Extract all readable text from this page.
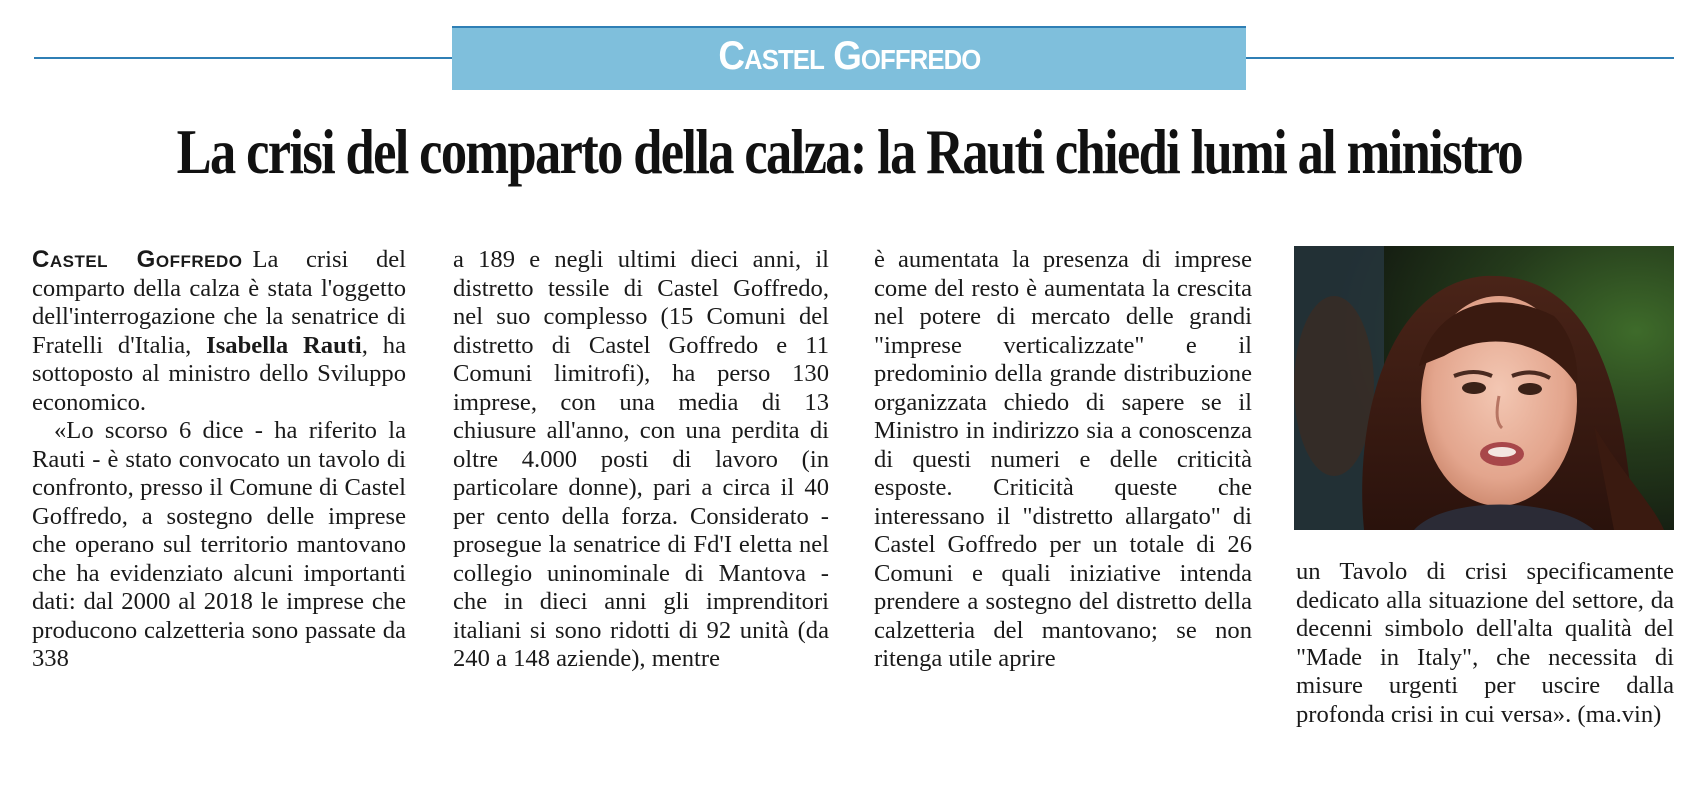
Castel Goffredo
La crisi del comparto della calza: la Rauti chiedi lumi al ministro

Castel Goffredo La crisi del comparto della calza è stata l'oggetto dell'interrogazione che la senatrice di Fratelli d'Italia, Isabella Rauti, ha sottoposto al ministro dello Sviluppo economico.

«Lo scorso 6 dice - ha riferito la Rauti - è stato convocato un tavolo di confronto, presso il Comune di Castel Goffredo, a sostegno delle imprese che operano sul territorio mantovano che ha evidenziato alcuni importanti dati: dal 2000 al 2018 le imprese che producono calzetteria sono passate da 338

a 189 e negli ultimi dieci anni, il distretto tessile di Castel Goffredo, nel suo complesso (15 Comuni del distretto di Castel Goffredo e 11 Comuni limitrofi), ha perso 130 imprese, con una media di 13 chiusure all'anno, con una perdita di oltre 4.000 posti di lavoro (in particolare donne), pari a circa il 40 per cento della forza. Considerato - prosegue la senatrice di Fd'I eletta nel collegio uninominale di Mantova - che in dieci anni gli imprenditori italiani si sono ridotti di 92 unità (da 240 a 148 aziende), mentre

è aumentata la presenza di imprese come del resto è aumentata la crescita nel potere di mercato delle grandi "imprese verticalizzate" e il predominio della grande distribuzione organizzata chiedo di sapere se il Ministro in indirizzo sia a conoscenza di questi numeri e delle criticità esposte. Criticità queste che interessano il "distretto allargato" di Castel Goffredo per un totale di 26 Comuni e quali iniziative intenda prendere a sostegno del distretto della calzetteria del mantovano; se non ritenga utile aprire

un Tavolo di crisi specificamente dedicato alla situazione del settore, da decenni simbolo dell'alta qualità del "Made in Italy", che necessita di misure urgenti per uscire dalla profonda crisi in cui versa». (ma.vin)
